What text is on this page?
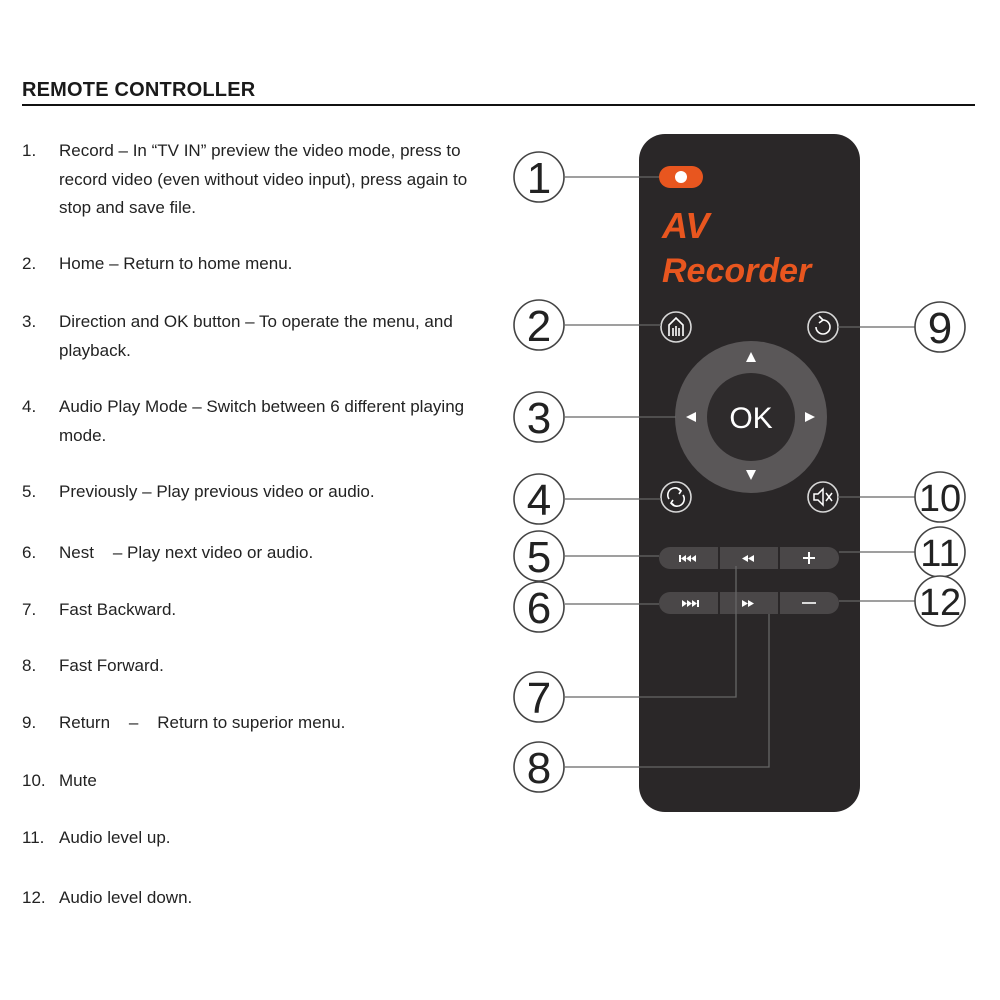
REMOTE CONTROLLER
1. Record – In “TV IN” preview the video mode, press to record video (even without video input), press again to stop and save file.
2. Home – Return to home menu.
3. Direction and OK button – To operate the menu, and playback.
4. Audio Play Mode – Switch between 6 different playing mode.
5. Previously – Play previous video or audio.
6. Nest    – Play next video or audio.
7. Fast Backward.
8. Fast Forward.
9. Return    –    Return to superior menu.
10. Mute
11. Audio level up.
12. Audio level down.
AV
Recorder
OK
1
2
3
4
5
6
7
8
9
10
11
12
